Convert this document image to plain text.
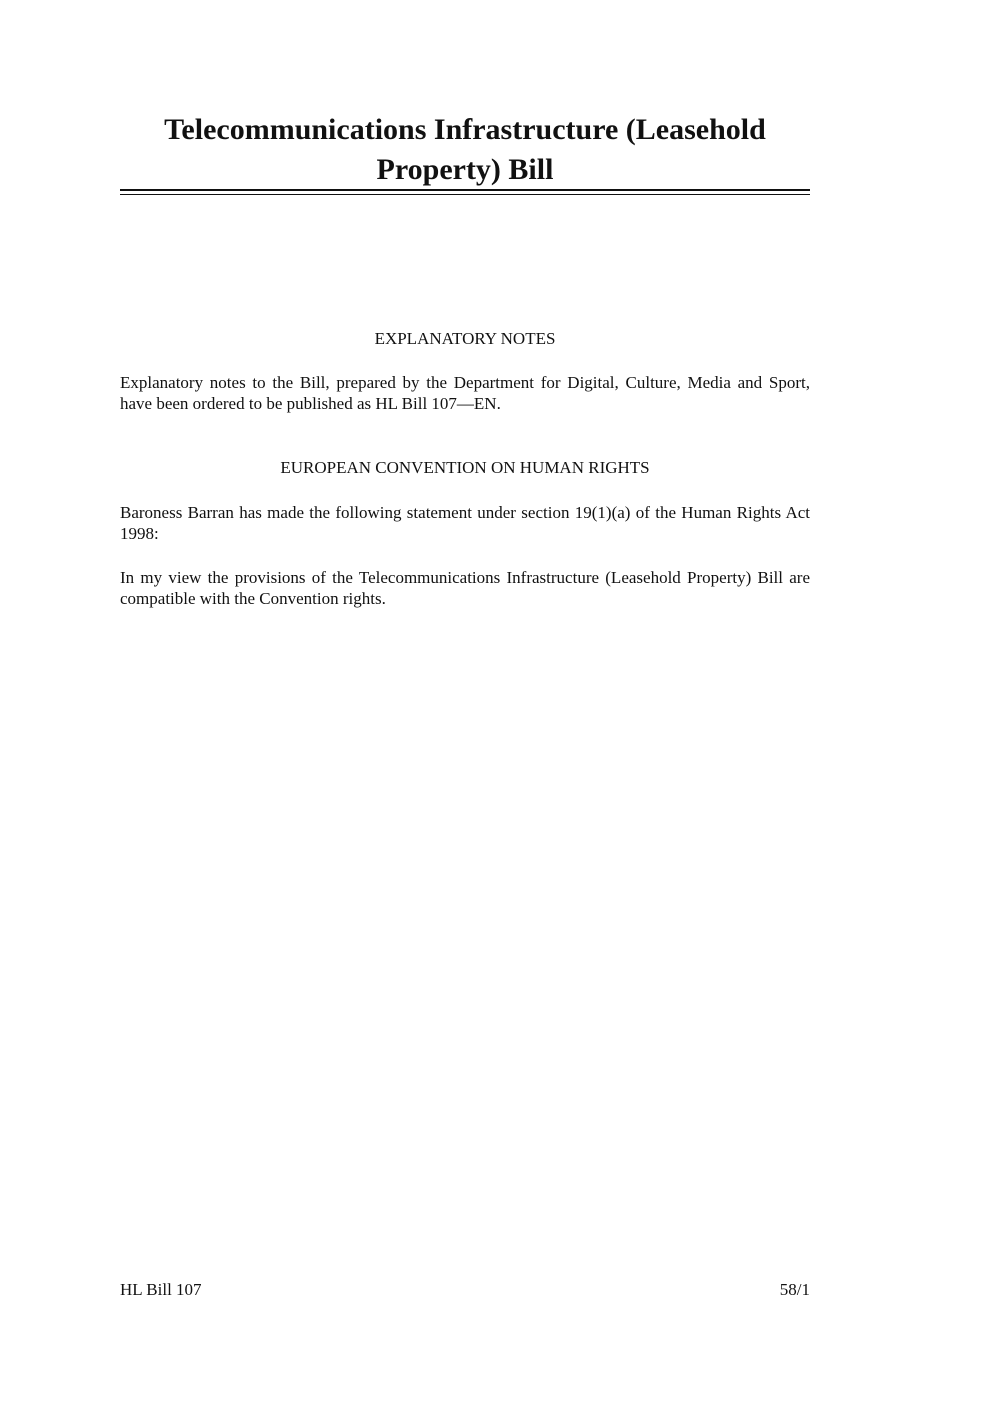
Telecommunications Infrastructure (Leasehold
Property) Bill
EXPLANATORY NOTES

Explanatory notes to the Bill, prepared by the Department for Digital, Culture, Media and Sport, have been ordered to be published as HL Bill 107—EN.

EUROPEAN CONVENTION ON HUMAN RIGHTS

Baroness Barran has made the following statement under section 19(1)(a) of the Human Rights Act 1998:

In my view the provisions of the Telecommunications Infrastructure (Leasehold Property) Bill are compatible with the Convention rights.

HL Bill 107	58/1
